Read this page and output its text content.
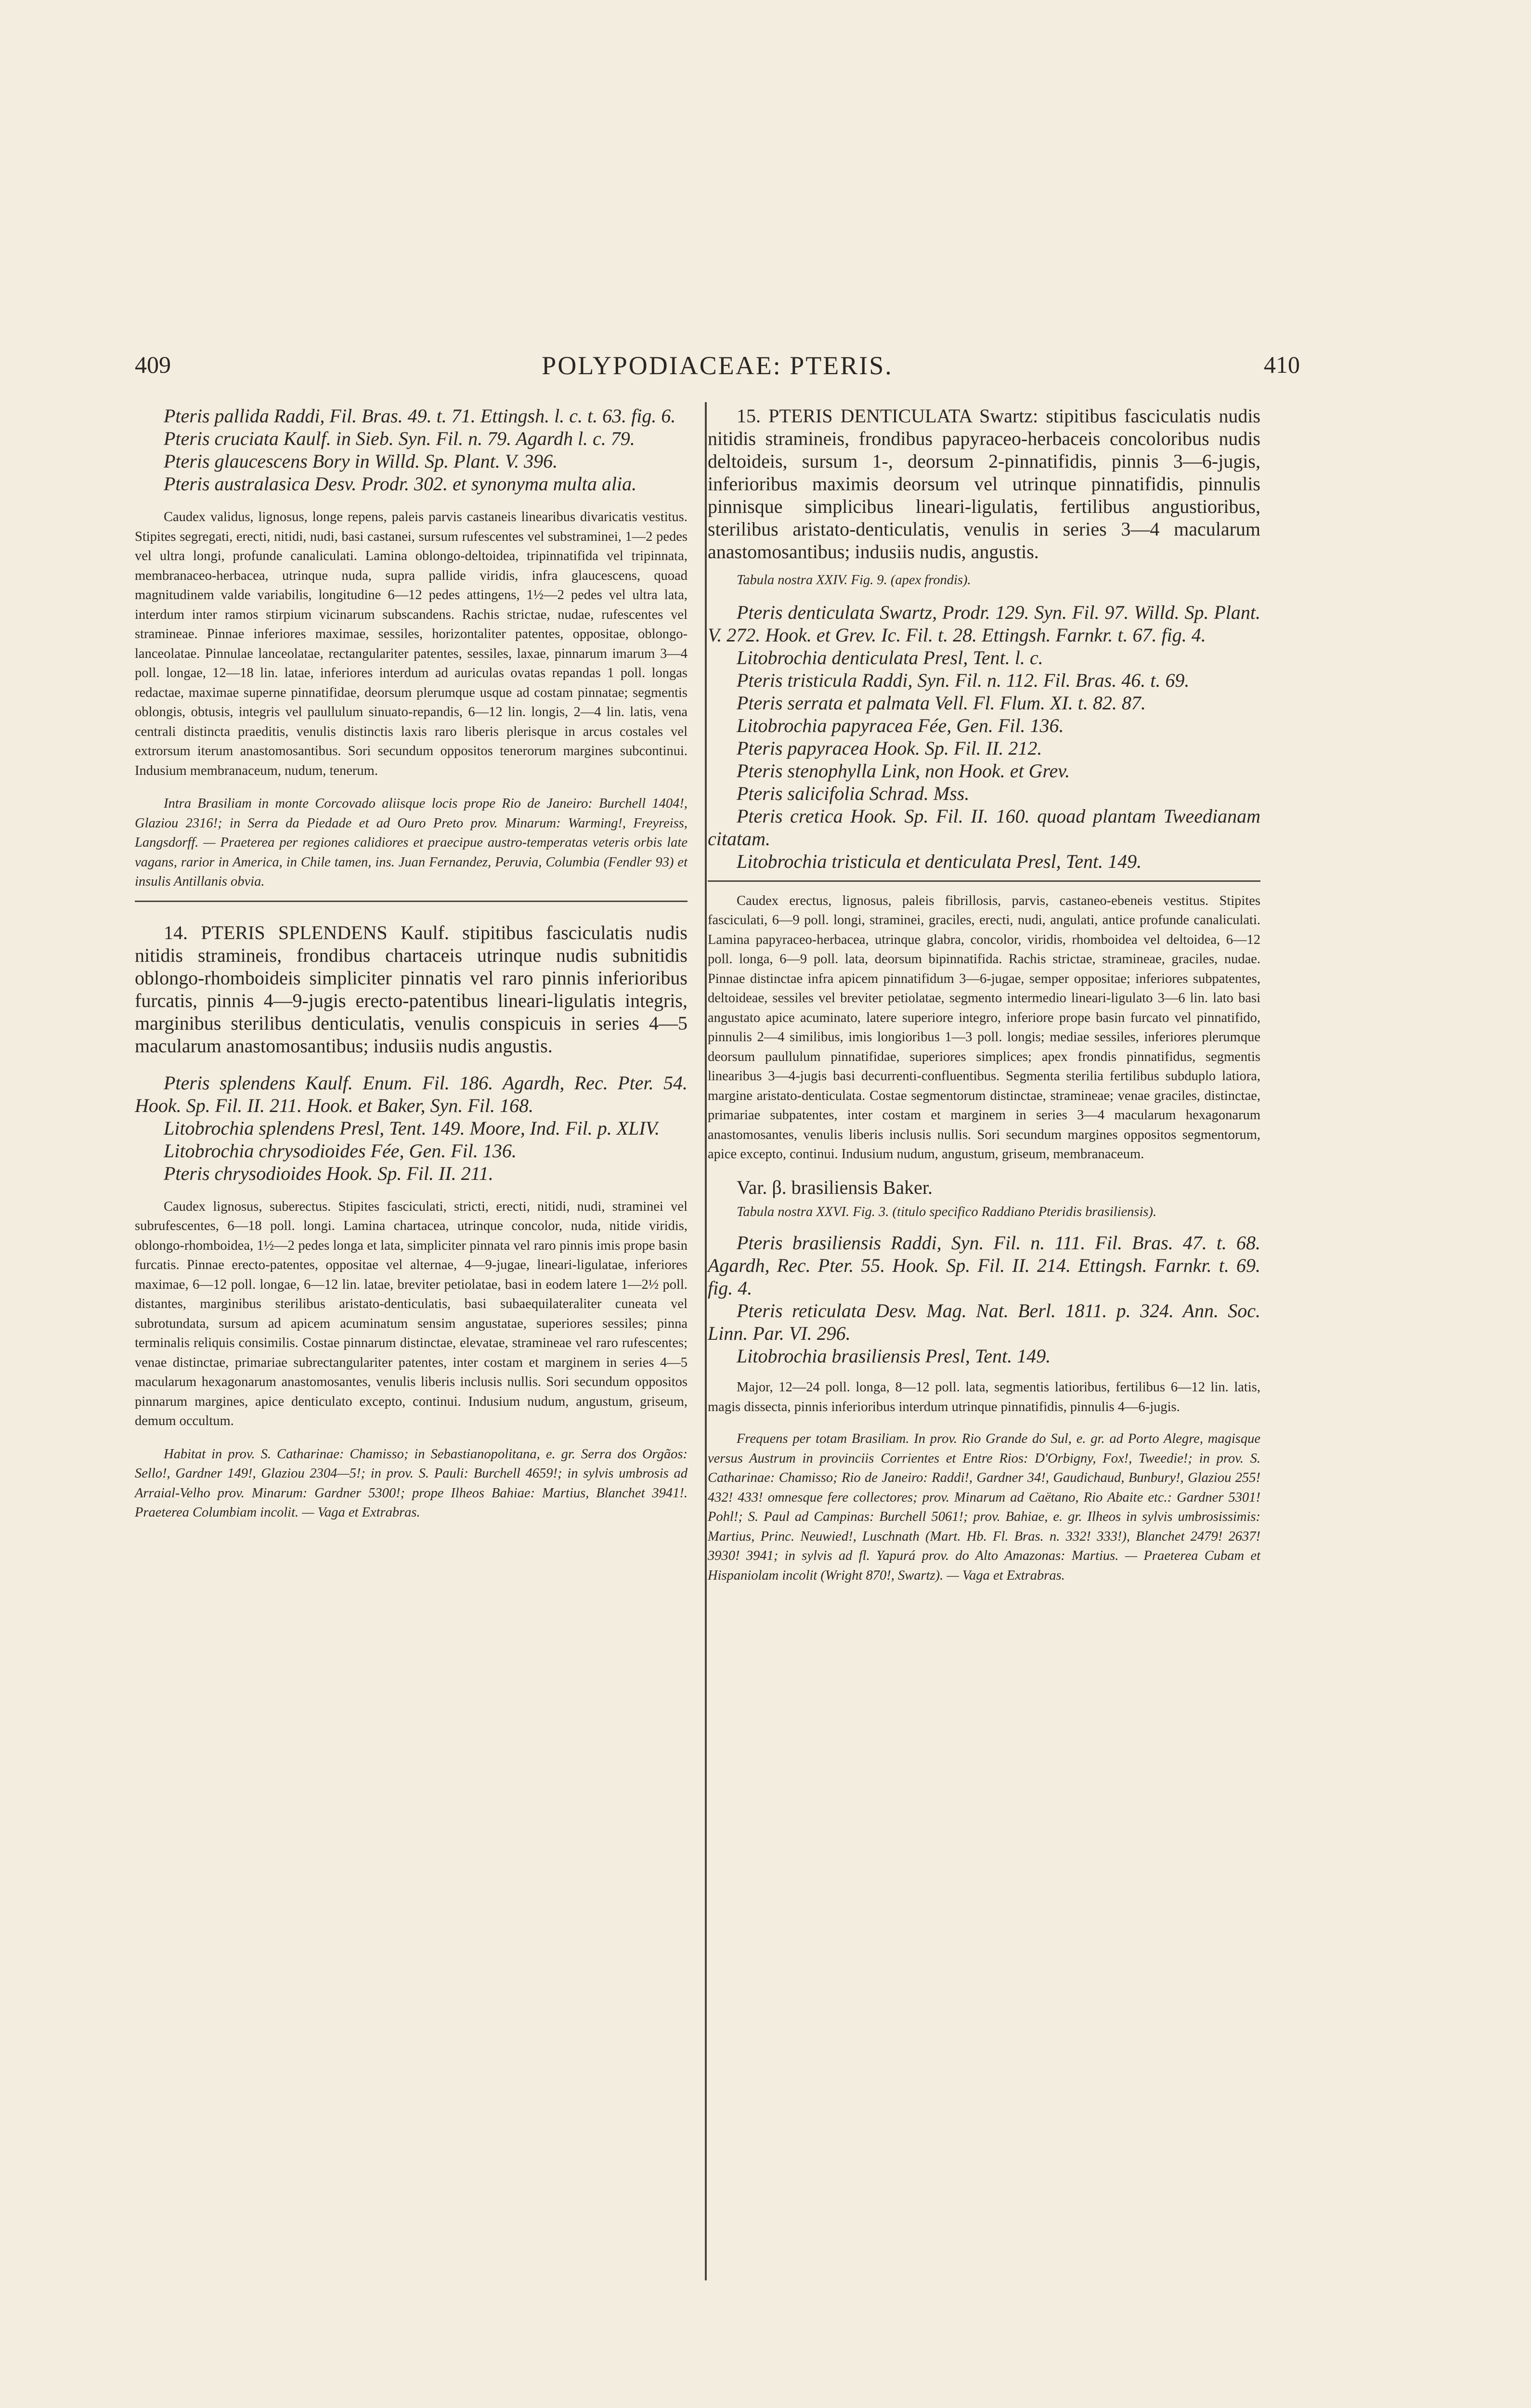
409	POLYPODIACEAE: PTERIS.	410

Pteris pallida Raddi, Fil. Bras. 49. t. 71. Ettingsh. l. c. t. 63. fig. 6.

Pteris cruciata Kaulf. in Sieb. Syn. Fil. n. 79. Agardh l. c. 79.

Pteris glaucescens Bory in Willd. Sp. Plant. V. 396.

Pteris australasica Desv. Prodr. 302. et synonyma multa alia.

Caudex validus, lignosus, longe repens, paleis parvis castaneis linearibus divaricatis vestitus. Stipites segregati, erecti, nitidi, nudi, basi castanei, sursum rufescentes vel substraminei, 1—2 pedes vel ultra longi, profunde canaliculati. Lamina oblongo-deltoidea, tripinnatifida vel tripinnata, membranaceo-herbacea, utrinque nuda, supra pallide viridis, infra glaucescens, quoad magnitudinem valde variabilis, longitudine 6—12 pedes attingens, 1½—2 pedes vel ultra lata, interdum inter ramos stirpium vicinarum subscandens. Rachis strictae, nudae, rufescentes vel stramineae. Pinnae inferiores maximae, sessiles, horizontaliter patentes, oppositae, oblongo-lanceolatae. Pinnulae lanceolatae, rectangulariter patentes, sessiles, laxae, pinnarum imarum 3—4 poll. longae, 12—18 lin. latae, inferiores interdum ad auriculas ovatas repandas 1 poll. longas redactae, maximae superne pinnatifidae, deorsum plerumque usque ad costam pinnatae; segmentis oblongis, obtusis, integris vel paullulum sinuato-repandis, 6—12 lin. longis, 2—4 lin. latis, vena centrali distincta praeditis, venulis distinctis laxis raro liberis plerisque in arcus costales vel extrorsum iterum anastomosantibus. Sori secundum oppositos tenerorum margines subcontinui. Indusium membranaceum, nudum, tenerum.

Intra Brasiliam in monte Corcovado aliisque locis prope Rio de Janeiro: Burchell 1404!, Glaziou 2316!; in Serra da Piedade et ad Ouro Preto prov. Minarum: Warming!, Freyreiss, Langsdorff. — Praeterea per regiones calidiores et praecipue austro-temperatas veteris orbis late vagans, rarior in America, in Chile tamen, ins. Juan Fernandez, Peruvia, Columbia (Fendler 93) et insulis Antillanis obvia.

14. PTERIS SPLENDENS Kaulf. stipitibus fasciculatis nudis nitidis stramineis, frondibus chartaceis utrinque nudis subnitidis oblongo-rhomboideis simpliciter pinnatis vel raro pinnis inferioribus furcatis, pinnis 4—9-jugis erecto-patentibus lineari-ligulatis integris, marginibus sterilibus denticulatis, venulis conspicuis in series 4—5 macularum anastomosantibus; indusiis nudis angustis.

Pteris splendens Kaulf. Enum. Fil. 186. Agardh, Rec. Pter. 54. Hook. Sp. Fil. II. 211. Hook. et Baker, Syn. Fil. 168.

Litobrochia splendens Presl, Tent. 149. Moore, Ind. Fil. p. XLIV.

Litobrochia chrysodioides Fée, Gen. Fil. 136.

Pteris chrysodioides Hook. Sp. Fil. II. 211.

Caudex lignosus, suberectus. Stipites fasciculati, stricti, erecti, nitidi, nudi, straminei vel subrufescentes, 6—18 poll. longi. Lamina chartacea, utrinque concolor, nuda, nitide viridis, oblongo-rhomboidea, 1½—2 pedes longa et lata, simpliciter pinnata vel raro pinnis imis prope basin furcatis. Pinnae erecto-patentes, oppositae vel alternae, 4—9-jugae, lineari-ligulatae, inferiores maximae, 6—12 poll. longae, 6—12 lin. latae, breviter petiolatae, basi in eodem latere 1—2½ poll. distantes, marginibus sterilibus aristato-denticulatis, basi subaequilateraliter cuneata vel subrotundata, sursum ad apicem acuminatum sensim angustatae, superiores sessiles; pinna terminalis reliquis consimilis. Costae pinnarum distinctae, elevatae, stramineae vel raro rufescentes; venae distinctae, primariae subrectangulariter patentes, inter costam et marginem in series 4—5 macularum hexagonarum anastomosantes, venulis liberis inclusis nullis. Sori secundum oppositos pinnarum margines, apice denticulato excepto, continui. Indusium nudum, angustum, griseum, demum occultum.

Habitat in prov. S. Catharinae: Chamisso; in Sebastianopolitana, e. gr. Serra dos Orgãos: Sello!, Gardner 149!, Glaziou 2304—5!; in prov. S. Pauli: Burchell 4659!; in sylvis umbrosis ad Arraial-Velho prov. Minarum: Gardner 5300!; prope Ilheos Bahiae: Martius, Blanchet 3941!. Praeterea Columbiam incolit. — Vaga et Extrabras.

15. PTERIS DENTICULATA Swartz: stipitibus fasciculatis nudis nitidis stramineis, frondibus papyraceo-herbaceis concoloribus nudis deltoideis, sursum 1-, deorsum 2-pinnatifidis, pinnis 3—6-jugis, inferioribus maximis deorsum vel utrinque pinnatifidis, pinnulis pinnisque simplicibus lineari-ligulatis, fertilibus angustioribus, sterilibus aristato-denticulatis, venulis in series 3—4 macularum anastomosantibus; indusiis nudis, angustis.

Tabula nostra XXIV. Fig. 9. (apex frondis).

Pteris denticulata Swartz, Prodr. 129. Syn. Fil. 97. Willd. Sp. Plant. V. 272. Hook. et Grev. Ic. Fil. t. 28. Ettingsh. Farnkr. t. 67. fig. 4.

Litobrochia denticulata Presl, Tent. l. c.

Pteris tristicula Raddi, Syn. Fil. n. 112. Fil. Bras. 46. t. 69.

Pteris serrata et palmata Vell. Fl. Flum. XI. t. 82. 87.

Litobrochia papyracea Fée, Gen. Fil. 136.

Pteris papyracea Hook. Sp. Fil. II. 212.

Pteris stenophylla Link, non Hook. et Grev.

Pteris salicifolia Schrad. Mss.

Pteris cretica Hook. Sp. Fil. II. 160. quoad plantam Tweedianam citatam.

Litobrochia tristicula et denticulata Presl, Tent. 149.

Caudex erectus, lignosus, paleis fibrillosis, parvis, castaneo-ebeneis vestitus. Stipites fasciculati, 6—9 poll. longi, straminei, graciles, erecti, nudi, angulati, antice profunde canaliculati. Lamina papyraceo-herbacea, utrinque glabra, concolor, viridis, rhomboidea vel deltoidea, 6—12 poll. longa, 6—9 poll. lata, deorsum bipinnatifida. Rachis strictae, stramineae, graciles, nudae. Pinnae distinctae infra apicem pinnatifidum 3—6-jugae, semper oppositae; inferiores subpatentes, deltoideae, sessiles vel breviter petiolatae, segmento intermedio lineari-ligulato 3—6 lin. lato basi angustato apice acuminato, latere superiore integro, inferiore prope basin furcato vel pinnatifido, pinnulis 2—4 similibus, imis longioribus 1—3 poll. longis; mediae sessiles, inferiores plerumque deorsum paullulum pinnatifidae, superiores simplices; apex frondis pinnatifidus, segmentis linearibus 3—4-jugis basi decurrenti-confluentibus. Segmenta sterilia fertilibus subduplo latiora, margine aristato-denticulata. Costae segmentorum distinctae, stramineae; venae graciles, distinctae, primariae subpatentes, inter costam et marginem in series 3—4 macularum hexagonarum anastomosantes, venulis liberis inclusis nullis. Sori secundum margines oppositos segmentorum, apice excepto, continui. Indusium nudum, angustum, griseum, membranaceum.

Var. β. brasiliensis Baker.

Tabula nostra XXVI. Fig. 3. (titulo specifico Raddiano Pteridis brasiliensis).

Pteris brasiliensis Raddi, Syn. Fil. n. 111. Fil. Bras. 47. t. 68. Agardh, Rec. Pter. 55. Hook. Sp. Fil. II. 214. Ettingsh. Farnkr. t. 69. fig. 4.

Pteris reticulata Desv. Mag. Nat. Berl. 1811. p. 324. Ann. Soc. Linn. Par. VI. 296.

Litobrochia brasiliensis Presl, Tent. 149.

Major, 12—24 poll. longa, 8—12 poll. lata, segmentis latioribus, fertilibus 6—12 lin. latis, magis dissecta, pinnis inferioribus interdum utrinque pinnatifidis, pinnulis 4—6-jugis.

Frequens per totam Brasiliam. In prov. Rio Grande do Sul, e. gr. ad Porto Alegre, magisque versus Austrum in provinciis Corrientes et Entre Rios: D'Orbigny, Fox!, Tweedie!; in prov. S. Catharinae: Chamisso; Rio de Janeiro: Raddi!, Gardner 34!, Gaudichaud, Bunbury!, Glaziou 255! 432! 433! omnesque fere collectores; prov. Minarum ad Caëtano, Rio Abaite etc.: Gardner 5301! Pohl!; S. Paul ad Campinas: Burchell 5061!; prov. Bahiae, e. gr. Ilheos in sylvis umbrosissimis: Martius, Princ. Neuwied!, Luschnath (Mart. Hb. Fl. Bras. n. 332! 333!), Blanchet 2479! 2637! 3930! 3941; in sylvis ad fl. Yapurá prov. do Alto Amazonas: Martius. — Praeterea Cubam et Hispaniolam incolit (Wright 870!, Swartz). — Vaga et Extrabras.
